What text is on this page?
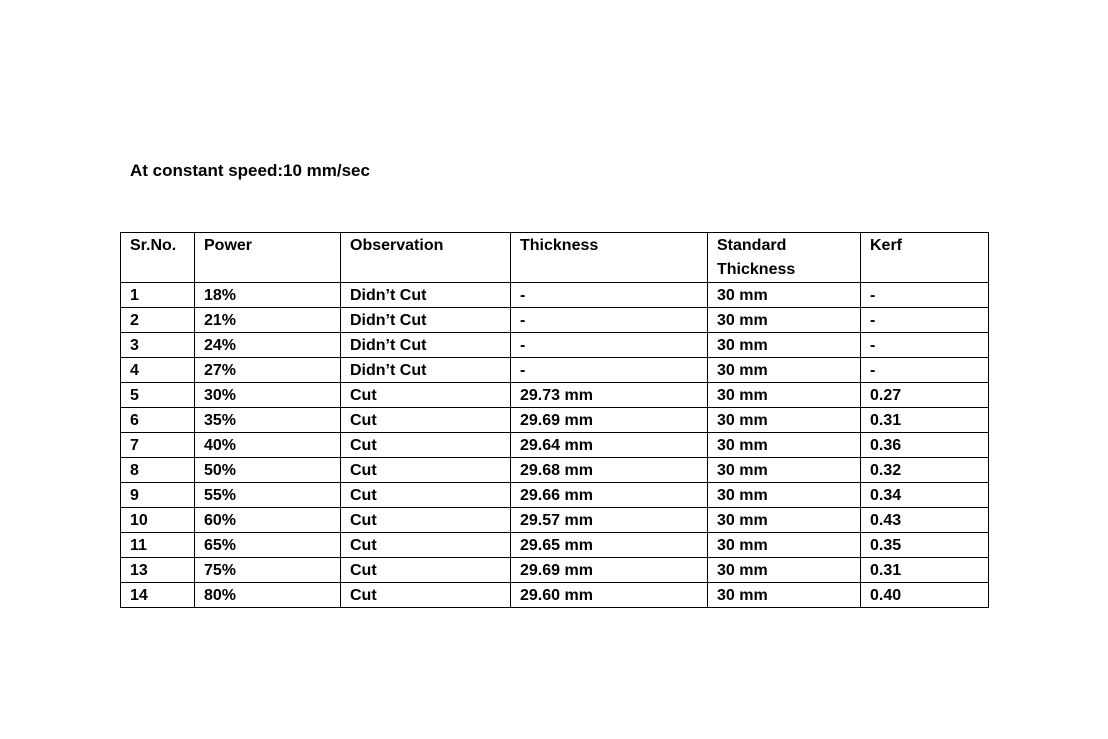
At constant speed:10 mm/sec
Sr.No.	Power	Observation	Thickness	Standard Thickness	Kerf
1	18%	Didn’t Cut	-	30 mm	-
2	21%	Didn’t Cut	-	30 mm	-
3	24%	Didn’t Cut	-	30 mm	-
4	27%	Didn’t Cut	-	30 mm	-
5	30%	Cut	29.73 mm	30 mm	0.27
6	35%	Cut	29.69 mm	30 mm	0.31
7	40%	Cut	29.64 mm	30 mm	0.36
8	50%	Cut	29.68 mm	30 mm	0.32
9	55%	Cut	29.66 mm	30 mm	0.34
10	60%	Cut	29.57 mm	30 mm	0.43
11	65%	Cut	29.65 mm	30 mm	0.35
13	75%	Cut	29.69 mm	30 mm	0.31
14	80%	Cut	29.60 mm	30 mm	0.40
